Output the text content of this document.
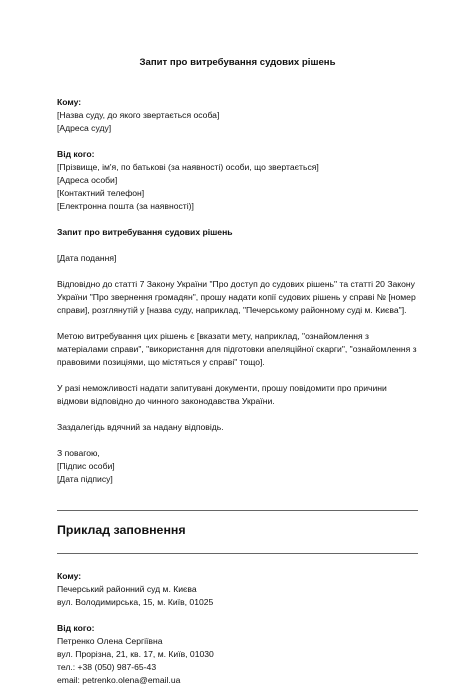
Запит про витребування судових рішень
Кому:
[Назва суду, до якого звертається особа]
[Адреса суду]
Від кого:
[Прізвище, ім'я, по батькові (за наявності) особи, що звертається]
[Адреса особи]
[Контактний телефон]
[Електронна пошта (за наявності)]
Запит про витребування судових рішень

[Дата подання]

Відповідно до статті 7 Закону України "Про доступ до судових рішень" та статті 20 Закону України "Про звернення громадян", прошу надати копії судових рішень у справі № [номер справи], розглянутій у [назва суду, наприклад, "Печерському районному суді м. Києва"].

Метою витребування цих рішень є [вказати мету, наприклад, "ознайомлення з матеріалами справи", "використання для підготовки апеляційної скарги", "ознайомлення з правовими позиціями, що містяться у справі" тощо].

У разі неможливості надати запитувані документи, прошу повідомити про причини відмови відповідно до чинного законодавства України.

Заздалегідь вдячний за надану відповідь.

З повагою,
[Підпис особи]
[Дата підпису]
Приклад заповнення
Кому:
Печерський районний суд м. Києва
вул. Володимирська, 15, м. Київ, 01025
Від кого:
Петренко Олена Сергіївна
вул. Прорізна, 21, кв. 17, м. Київ, 01030
тел.: +38 (050) 987-65-43
email: petrenko.olena@email.ua
